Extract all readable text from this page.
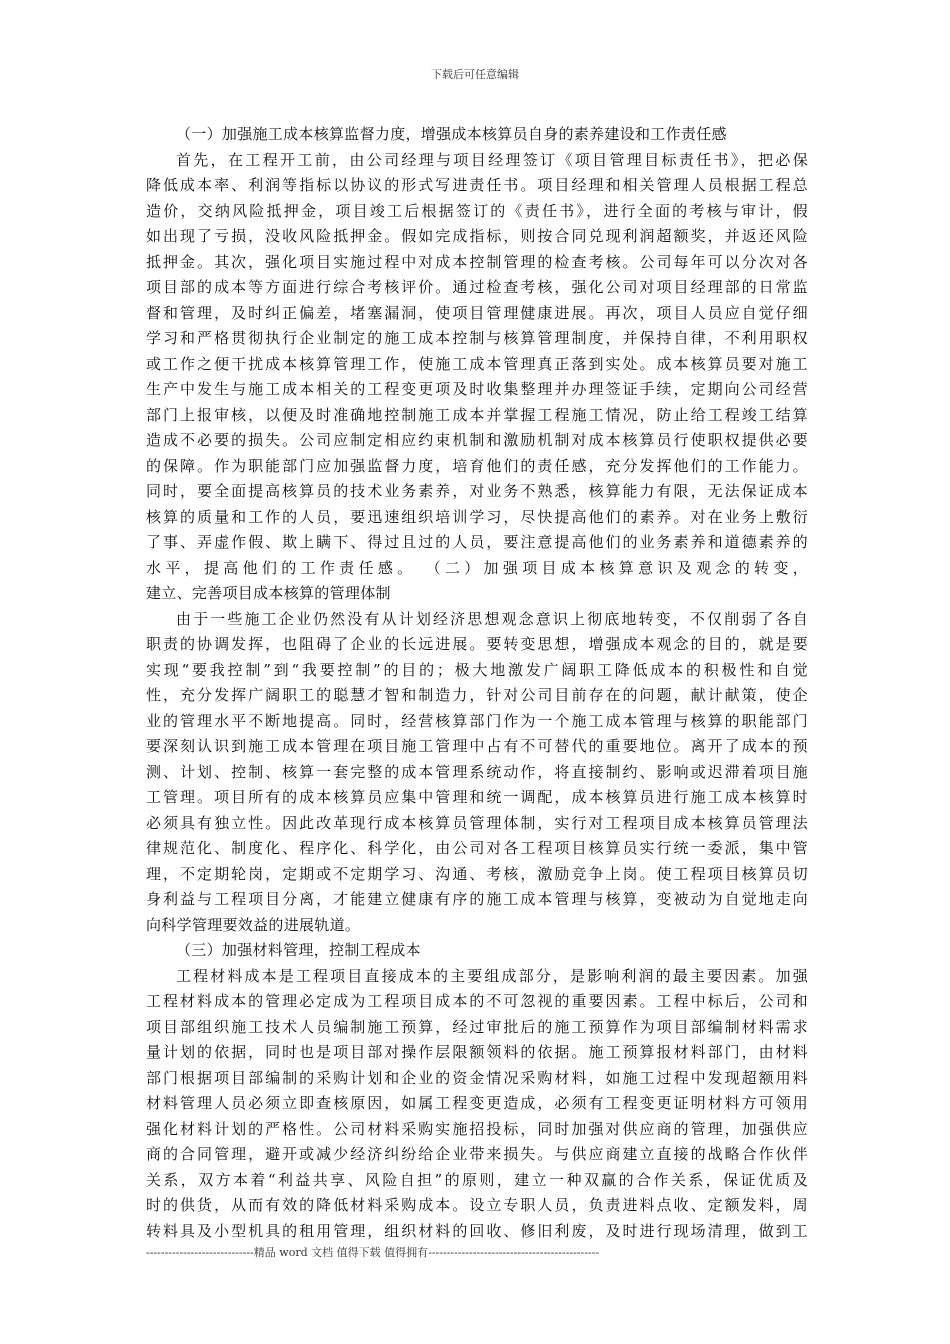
下载后可任意编辑
（一）加强施工成本核算监督力度，增强成本核算员自身的素养建设和工作责任感
首先，在工程开工前，由公司经理与项目经理签订《项目管理目标责任书》，把必保
降低成本率、利润等指标以协议的形式写进责任书。项目经理和相关管理人员根据工程总
造价，交纳风险抵押金，项目竣工后根据签订的《责任书》，进行全面的考核与审计，假
如出现了亏损，没收风险抵押金。假如完成指标，则按合同兑现利润超额奖，并返还风险
抵押金。其次，强化项目实施过程中对成本控制管理的检查考核。公司每年可以分次对各
项目部的成本等方面进行综合考核评价。通过检查考核，强化公司对项目经理部的日常监
督和管理，及时纠正偏差，堵塞漏洞，使项目管理健康进展。再次，项目人员应自觉仔细
学习和严格贯彻执行企业制定的施工成本控制与核算管理制度，并保持自律，不利用职权
或工作之便干扰成本核算管理工作，使施工成本管理真正落到实处。成本核算员要对施工
生产中发生与施工成本相关的工程变更项及时收集整理并办理签证手续，定期向公司经营
部门上报审核，以便及时准确地控制施工成本并掌握工程施工情况，防止给工程竣工结算
造成不必要的损失。公司应制定相应约束机制和激励机制对成本核算员行使职权提供必要
的保障。作为职能部门应加强监督力度，培育他们的责任感，充分发挥他们的工作能力。
同时，要全面提高核算员的技术业务素养，对业务不熟悉，核算能力有限，无法保证成本
核算的质量和工作的人员，要迅速组织培训学习，尽快提高他们的素养。对在业务上敷衍
了事、弄虚作假、欺上瞒下、得过且过的人员，要注意提高他们的业务素养和道德素养的
水平，提高他们的工作责任感。 （二）加强项目成本核算意识及观念的转变，
建立、完善项目成本核算的管理体制
由于一些施工企业仍然没有从计划经济思想观念意识上彻底地转变，不仅削弱了各自
职责的协调发挥，也阻碍了企业的长远进展。要转变思想，增强成本观念的目的，就是要
实现“要我控制”到“我要控制”的目的；极大地激发广阔职工降低成本的积极性和自觉
性，充分发挥广阔职工的聪慧才智和制造力，针对公司目前存在的问题，献计献策，使企
业的管理水平不断地提高。同时，经营核算部门作为一个施工成本管理与核算的职能部门
要深刻认识到施工成本管理在项目施工管理中占有不可替代的重要地位。离开了成本的预
测、计划、控制、核算一套完整的成本管理系统动作，将直接制约、影响或迟滞着项目施
工管理。项目所有的成本核算员应集中管理和统一调配，成本核算员进行施工成本核算时
必须具有独立性。因此改革现行成本核算员管理体制，实行对工程项目成本核算员管理法
律规范化、制度化、程序化、科学化，由公司对各工程项目核算员实行统一委派，集中管
理，不定期轮岗，定期或不定期学习、沟通、考核，激励竞争上岗。使工程项目核算员切
身利益与工程项目分离，才能建立健康有序的施工成本管理与核算，变被动为自觉地走向
向科学管理要效益的进展轨道。
（三）加强材料管理，控制工程成本
工程材料成本是工程项目直接成本的主要组成部分，是影响利润的最主要因素。加强
工程材料成本的管理必定成为工程项目成本的不可忽视的重要因素。工程中标后，公司和
项目部组织施工技术人员编制施工预算，经过审批后的施工预算作为项目部编制材料需求
量计划的依据，同时也是项目部对操作层限额领料的依据。施工预算报材料部门，由材料
部门根据项目部编制的采购计划和企业的资金情况采购材料，如施工过程中发现超额用料
材料管理人员必须立即查核原因，如属工程变更造成，必须有工程变更证明材料方可领用
强化材料计划的严格性。公司材料采购实施招投标，同时加强对供应商的管理，加强供应
商的合同管理，避开或减少经济纠纷给企业带来损失。与供应商建立直接的战略合作伙伴
关系，双方本着“利益共享、风险自担”的原则，建立一种双赢的合作关系，保证优质及
时的供货，从而有效的降低材料采购成本。设立专职人员，负责进料点收、定额发料，周
转料具及小型机具的租用管理，组织材料的回收、修旧利废，及时进行现场清理，做到工
-----------------------------精品 word 文档 值得下载 值得拥有----------------------------------------------
